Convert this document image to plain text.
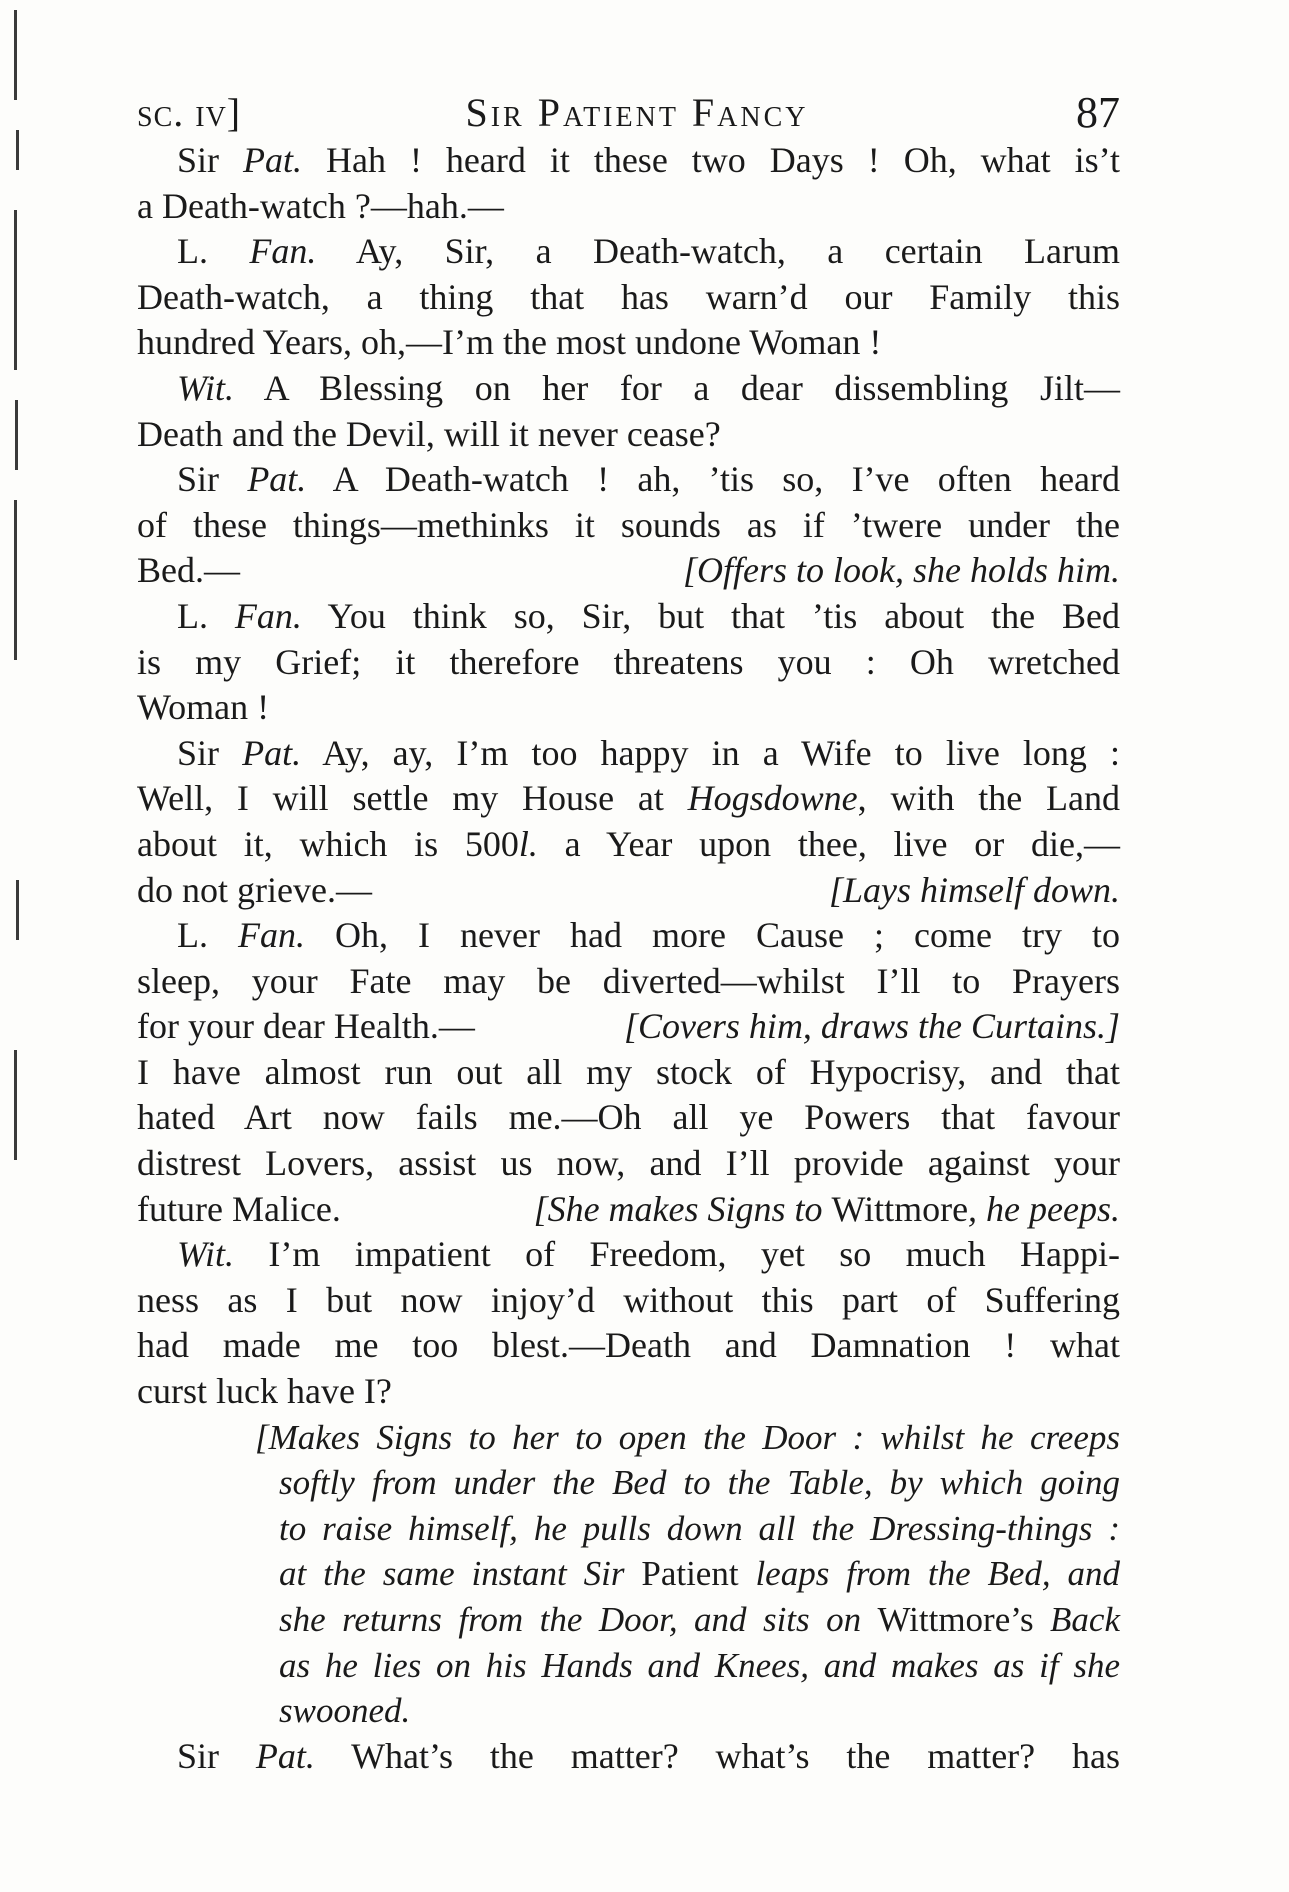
sc. iv]	Sir Patient Fancy	87
Sir Pat. Hah ! heard it these two Days ! Oh, what is’t
a Death-watch ?—hah.—
L. Fan. Ay, Sir, a Death-watch, a certain Larum
Death-watch, a thing that has warn’d our Family this
hundred Years, oh,—I’m the most undone Woman !
Wit. A Blessing on her for a dear dissembling Jilt—
Death and the Devil, will it never cease?
Sir Pat. A Death-watch ! ah, ’tis so, I’ve often heard
of these things—methinks it sounds as if ’twere under the
Bed.—	[Offers to look, she holds him.
L. Fan. You think so, Sir, but that ’tis about the Bed
is my Grief; it therefore threatens you : Oh wretched
Woman !
Sir Pat. Ay, ay, I’m too happy in a Wife to live long :
Well, I will settle my House at Hogsdowne, with the Land
about it, which is 500l. a Year upon thee, live or die,—
do not grieve.—	[Lays himself down.
L. Fan. Oh, I never had more Cause ; come try to
sleep, your Fate may be diverted—whilst I’ll to Prayers
for your dear Health.—	[Covers him, draws the Curtains.]
I have almost run out all my stock of Hypocrisy, and that
hated Art now fails me.—Oh all ye Powers that favour
distrest Lovers, assist us now, and I’ll provide against your
future Malice.	[She makes Signs to Wittmore, he peeps.
Wit. I’m impatient of Freedom, yet so much Happi-
ness as I but now injoy’d without this part of Suffering
had made me too blest.—Death and Damnation ! what
curst luck have I?
[Makes Signs to her to open the Door : whilst he creeps
softly from under the Bed to the Table, by which going
to raise himself, he pulls down all the Dressing-things :
at the same instant Sir Patient leaps from the Bed, and
she returns from the Door, and sits on Wittmore’s Back
as he lies on his Hands and Knees, and makes as if she
swooned.
Sir Pat. What’s the matter? what’s the matter? has
